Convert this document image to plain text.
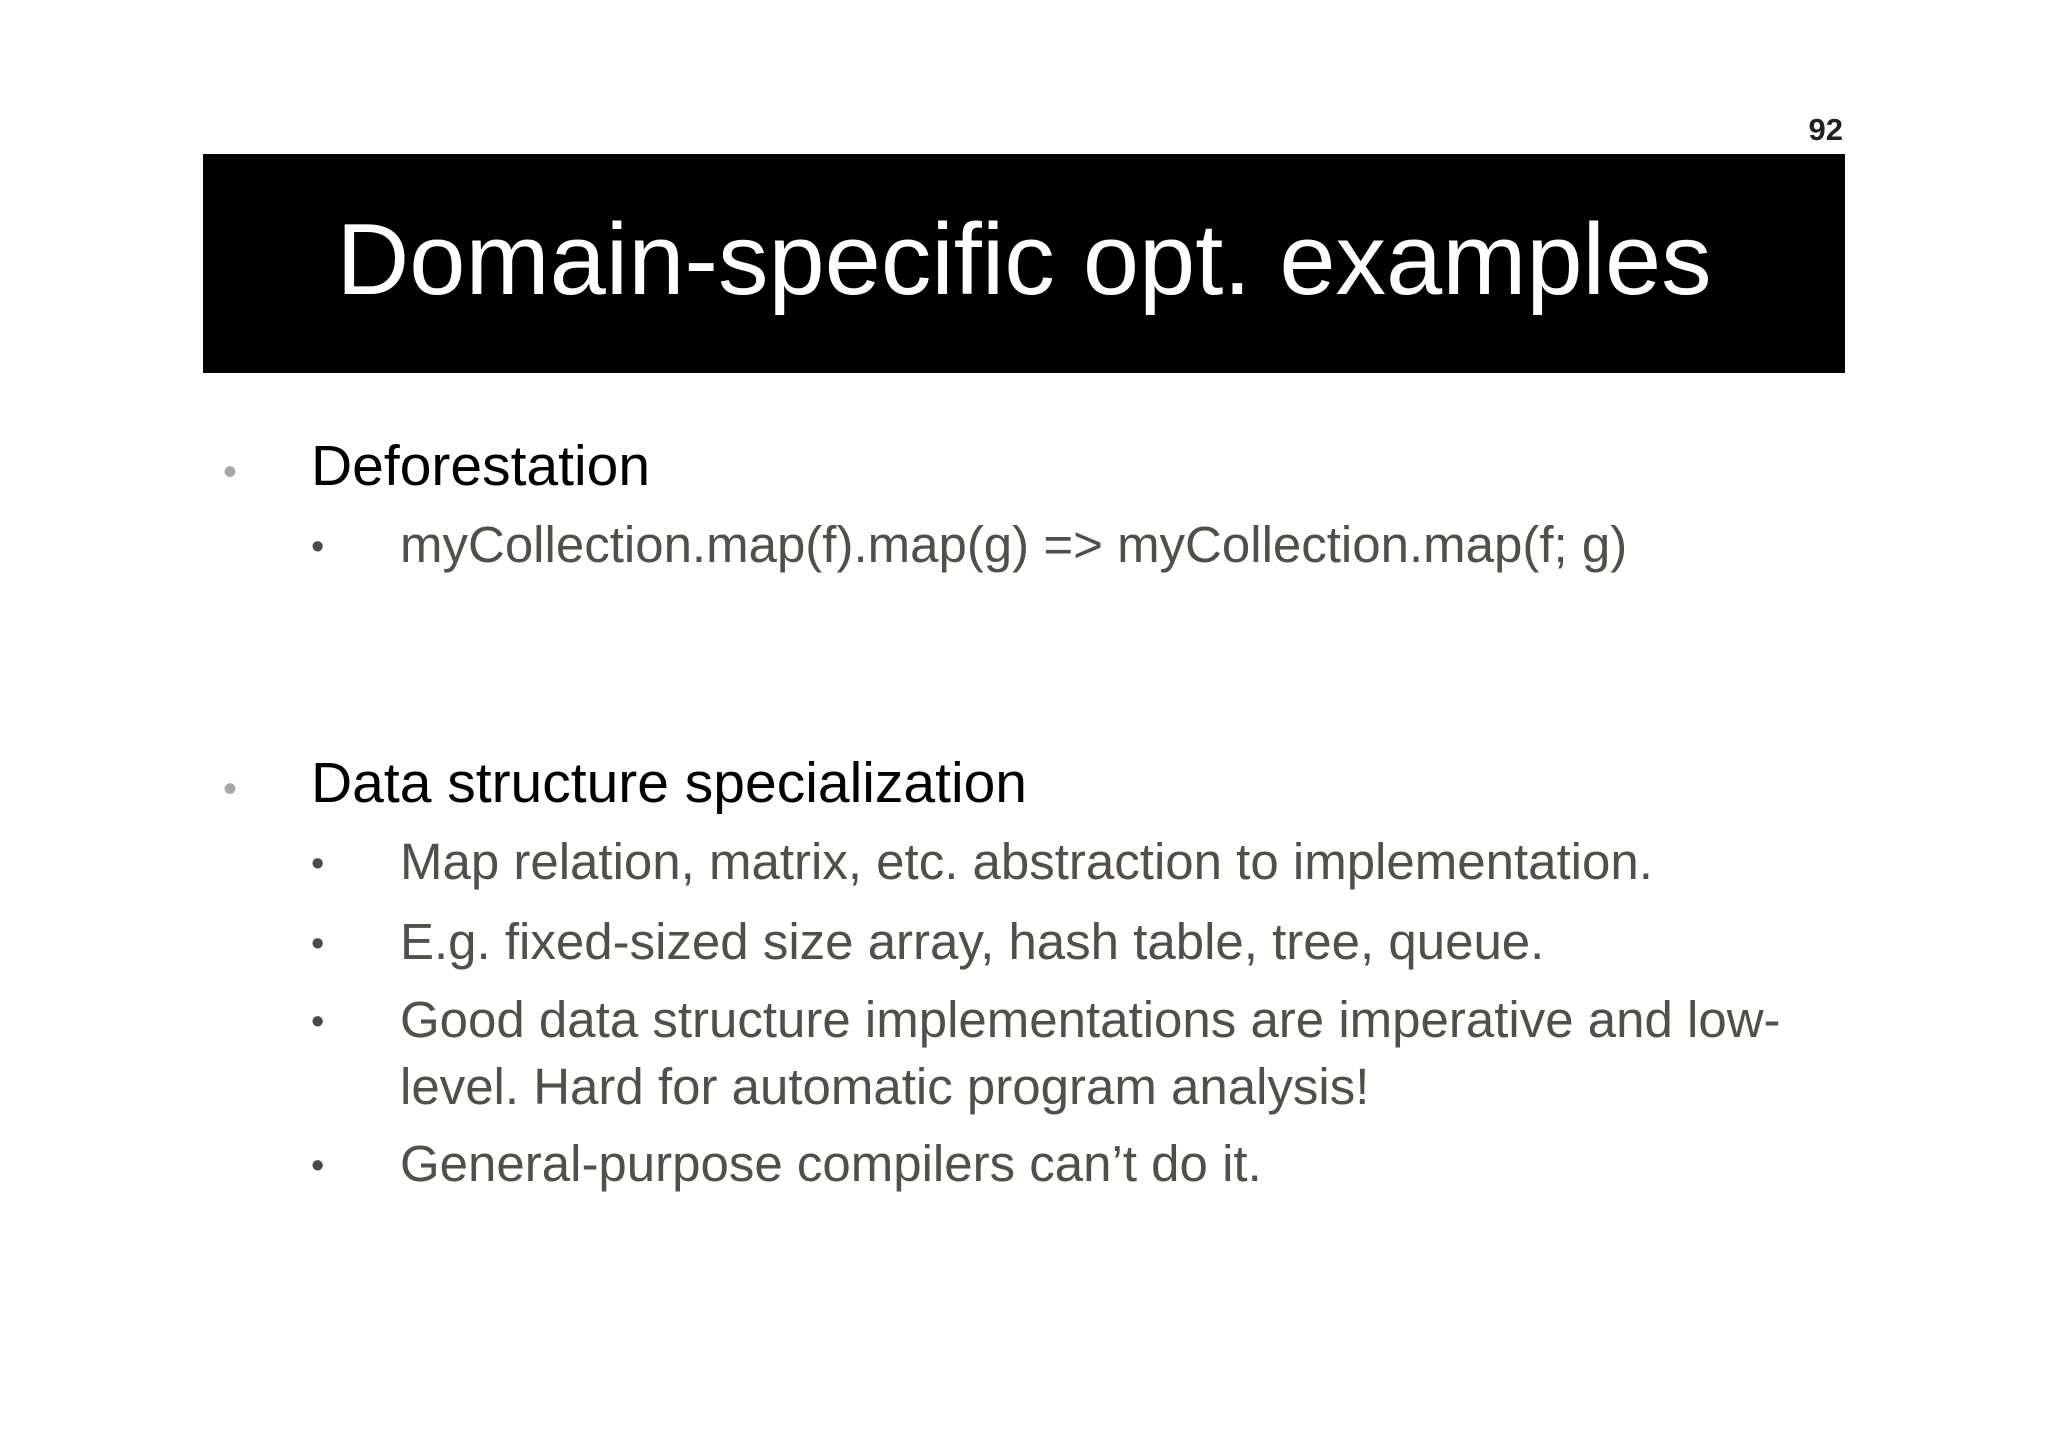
92
Domain-specific opt. examples
• Deforestation
• myCollection.map(f).map(g) => myCollection.map(f; g)
• Data structure specialization
• Map relation, matrix, etc. abstraction to implementation.
• E.g. fixed-sized size array, hash table, tree, queue.
• Good data structure implementations are imperative and low-level. Hard for automatic program analysis!
• General-purpose compilers can’t do it.
